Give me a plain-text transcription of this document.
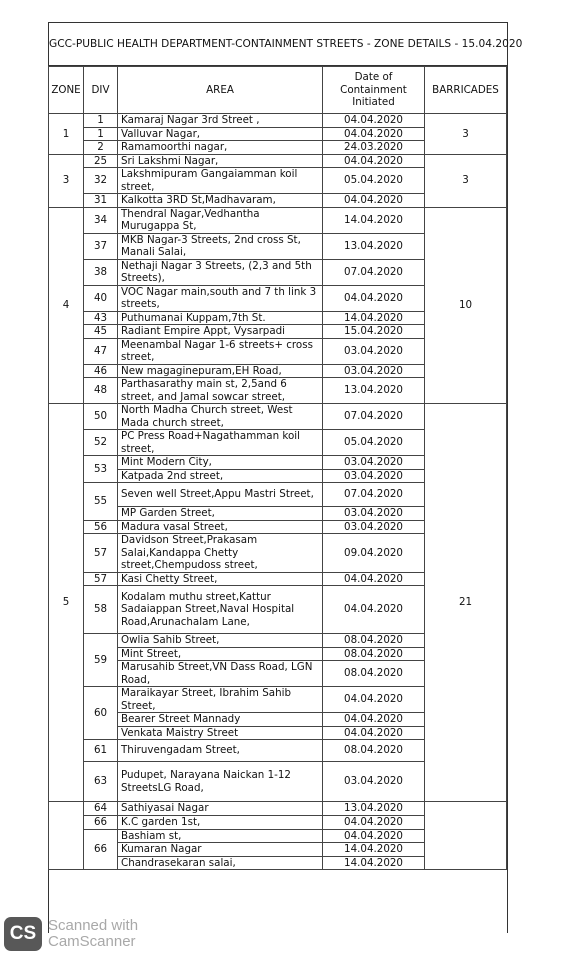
GCC-PUBLIC HEALTH DEPARTMENT-CONTAINMENT STREETS - ZONE DETAILS - 15.04.2020
ZONE	DIV	AREA	Date of Containment Initiated	BARRICADES
1	1	Kamaraj Nagar 3rd Street ,	04.04.2020	3
	1	Valluvar Nagar,	04.04.2020	
	2	Ramamoorthi nagar,	24.03.2020	
3	25	Sri Lakshmi Nagar,	04.04.2020	3
	32	Lakshmipuram Gangaiamman koil street,	05.04.2020	
	31	Kalkotta 3RD St,Madhavaram,	04.04.2020	
4	34	Thendral Nagar,Vedhantha Murugappa St,	14.04.2020	10
	37	MKB Nagar-3 Streets, 2nd cross St, Manali Salai,	13.04.2020	
	38	Nethaji Nagar 3 Streets, (2,3 and 5th Streets),	07.04.2020	
	40	VOC Nagar main,south and 7 th link 3 streets,	04.04.2020	
	43	Puthumanai Kuppam,7th St.	14.04.2020	
	45	Radiant Empire Appt, Vysarpadi	15.04.2020	
	47	Meenambal Nagar 1-6 streets+ cross street,	03.04.2020	
	46	New magaginepuram,EH Road,	03.04.2020	
	48	Parthasarathy main st, 2,5and 6 street, and Jamal sowcar street,	13.04.2020	
5	50	North Madha Church street, West Mada church street,	07.04.2020	21
	52	PC Press Road+Nagathamman koil street,	05.04.2020	
	53	Mint Modern City,	03.04.2020	
		Katpada 2nd street,	03.04.2020	
	55	Seven well Street,Appu Mastri Street,	07.04.2020	
		MP Garden Street,	03.04.2020	
	56	Madura vasal Street,	03.04.2020	
	57	Davidson Street,Prakasam Salai,Kandappa Chetty street,Chempudoss street,	09.04.2020	
	57	Kasi Chetty Street,	04.04.2020	
	58	Kodalam muthu street,Kattur Sadaiappan Street,Naval Hospital Road,Arunachalam Lane,	04.04.2020	
	59	Owlia Sahib Street,	08.04.2020	
		Mint Street,	08.04.2020	
		Marusahib Street,VN Dass Road, LGN Road,	08.04.2020	
	60	Maraikayar Street, Ibrahim Sahib Street,	04.04.2020	
		Bearer Street Mannady	04.04.2020	
		Venkata Maistry Street	04.04.2020	
	61	Thiruvengadam Street,	08.04.2020	
	63	Pudupet, Narayana Naickan 1-12 StreetsLG Road,	03.04.2020	
	64	Sathiyasai Nagar	13.04.2020	
	66	K.C garden 1st,	04.04.2020	
	66	Bashiam st,	04.04.2020	
		Kumaran Nagar	14.04.2020	
		Chandrasekaran salai,	14.04.2020	
CS Scanned with
CamScanner
